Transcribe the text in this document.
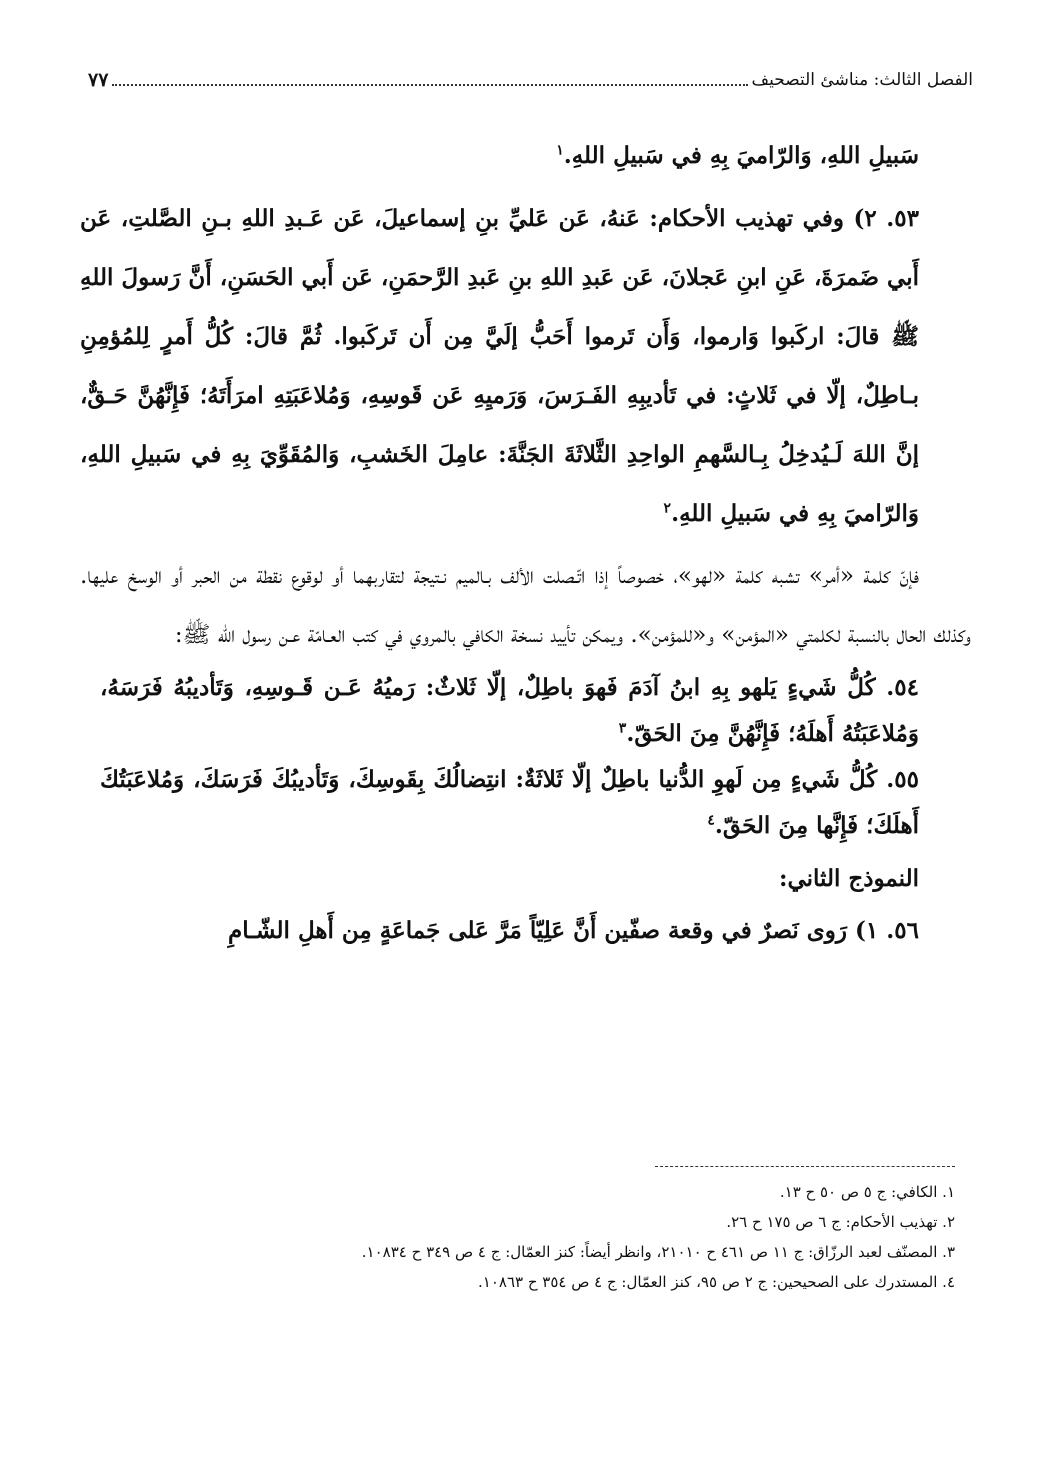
الفصل الثالث: مناشئ التصحيف
٧٧

سَبيلِ اللهِ، وَالرّاميَ بِهِ في سَبيلِ اللهِ.$^١$

٥٣. ٢) وفي تهذيب الأحكام: عَنهُ، عَن عَليِّ بنِ إسماعيلَ، عَن عَـبدِ اللهِ بـنِ الصَّلتِ، عَن أَبي ضَمرَةَ، عَنِ ابنِ عَجلانَ، عَن عَبدِ اللهِ بنِ عَبدِ الرَّحمَنِ، عَن أَبي الحَسَنِ، أَنَّ رَسولَ اللهِ ﷺ قالَ: اركَبوا وَارموا، وَأَن تَرموا أَحَبُّ إلَيَّ مِن أَن تَركَبوا. ثُمَّ قالَ: كُلُّ أَمرٍ لِلمُؤمِنِ بـاطِلٌ، إلّا في ثَلاثٍ: في تَأديبِهِ الفَـرَسَ، وَرَميِهِ عَن قَوسِهِ، وَمُلاعَبَتِهِ امرَأَتَهُ؛ فَإِنَّهُنَّ حَـقٌّ، إنَّ اللهَ لَـيُدخِلُ بِـالسَّهمِ الواحِدِ الثَّلاثَةَ الجَنَّةَ: عامِلَ الخَشبِ، وَالمُقَوِّيَ بِهِ في سَبيلِ اللهِ، وَالرّاميَ بِهِ في سَبيلِ اللهِ.$^٢$

فإنّ كلمة «أمر» تشبه كلمة «لهو»، خصوصاً إذا اتّـصلت الألف بـالميم نـتيجة لتقاربهما أو لوقوع نقطة من الحبر أو الوسخ عليها. وكذلك الحال بالنسبة لكلمتي «المؤمن» و«للمؤمن». ويمكن تأييد نسخة الكافي بالمروي في كتب العـامّة عـن رسول الله ﷺ:

٥٤. كُلُّ شَيءٍ يَلهو بِهِ ابنُ آدَمَ فَهوَ باطِلٌ، إلّا ثَلاثٌ: رَميُهُ عَـن قَـوسِهِ، وَتَأديبُهُ فَرَسَهُ، وَمُلاعَبَتُهُ أَهلَهُ؛ فَإِنَّهُنَّ مِنَ الحَقّ.$^٣$

٥٥. كُلُّ شَيءٍ مِن لَهوِ الدُّنيا باطِلٌ إلّا ثَلاثَةٌ: انتِضالُكَ بِقَوسِكَ، وَتَأديبُكَ فَرَسَكَ، وَمُلاعَبَتُكَ أَهلَكَ؛ فَإِنَّها مِنَ الحَقّ.$^٤$

النموذج الثاني:

٥٦. ١) رَوى نَصرٌ في وقعة صفّين أَنَّ عَلِيّاً مَرَّ عَلى جَماعَةٍ مِن أَهلِ الشّـامِ

١. الكافي: ج ٥ ص ٥٠ ح ١٣.
٢. تهذيب الأحكام: ج ٦ ص ١٧٥ ح ٢٦.
٣. المصنّف لعبد الرزّاق: ج ١١ ص ٤٦١ ح ٢١٠١٠، وانظر أيضاً: كنز العمّال: ج ٤ ص ٣٤٩ ح ١٠٨٣٤.
٤. المستدرك على الصحيحين: ج ٢ ص ٩٥، كنز العمّال: ج ٤ ص ٣٥٤ ح ١٠٨٦٣.
